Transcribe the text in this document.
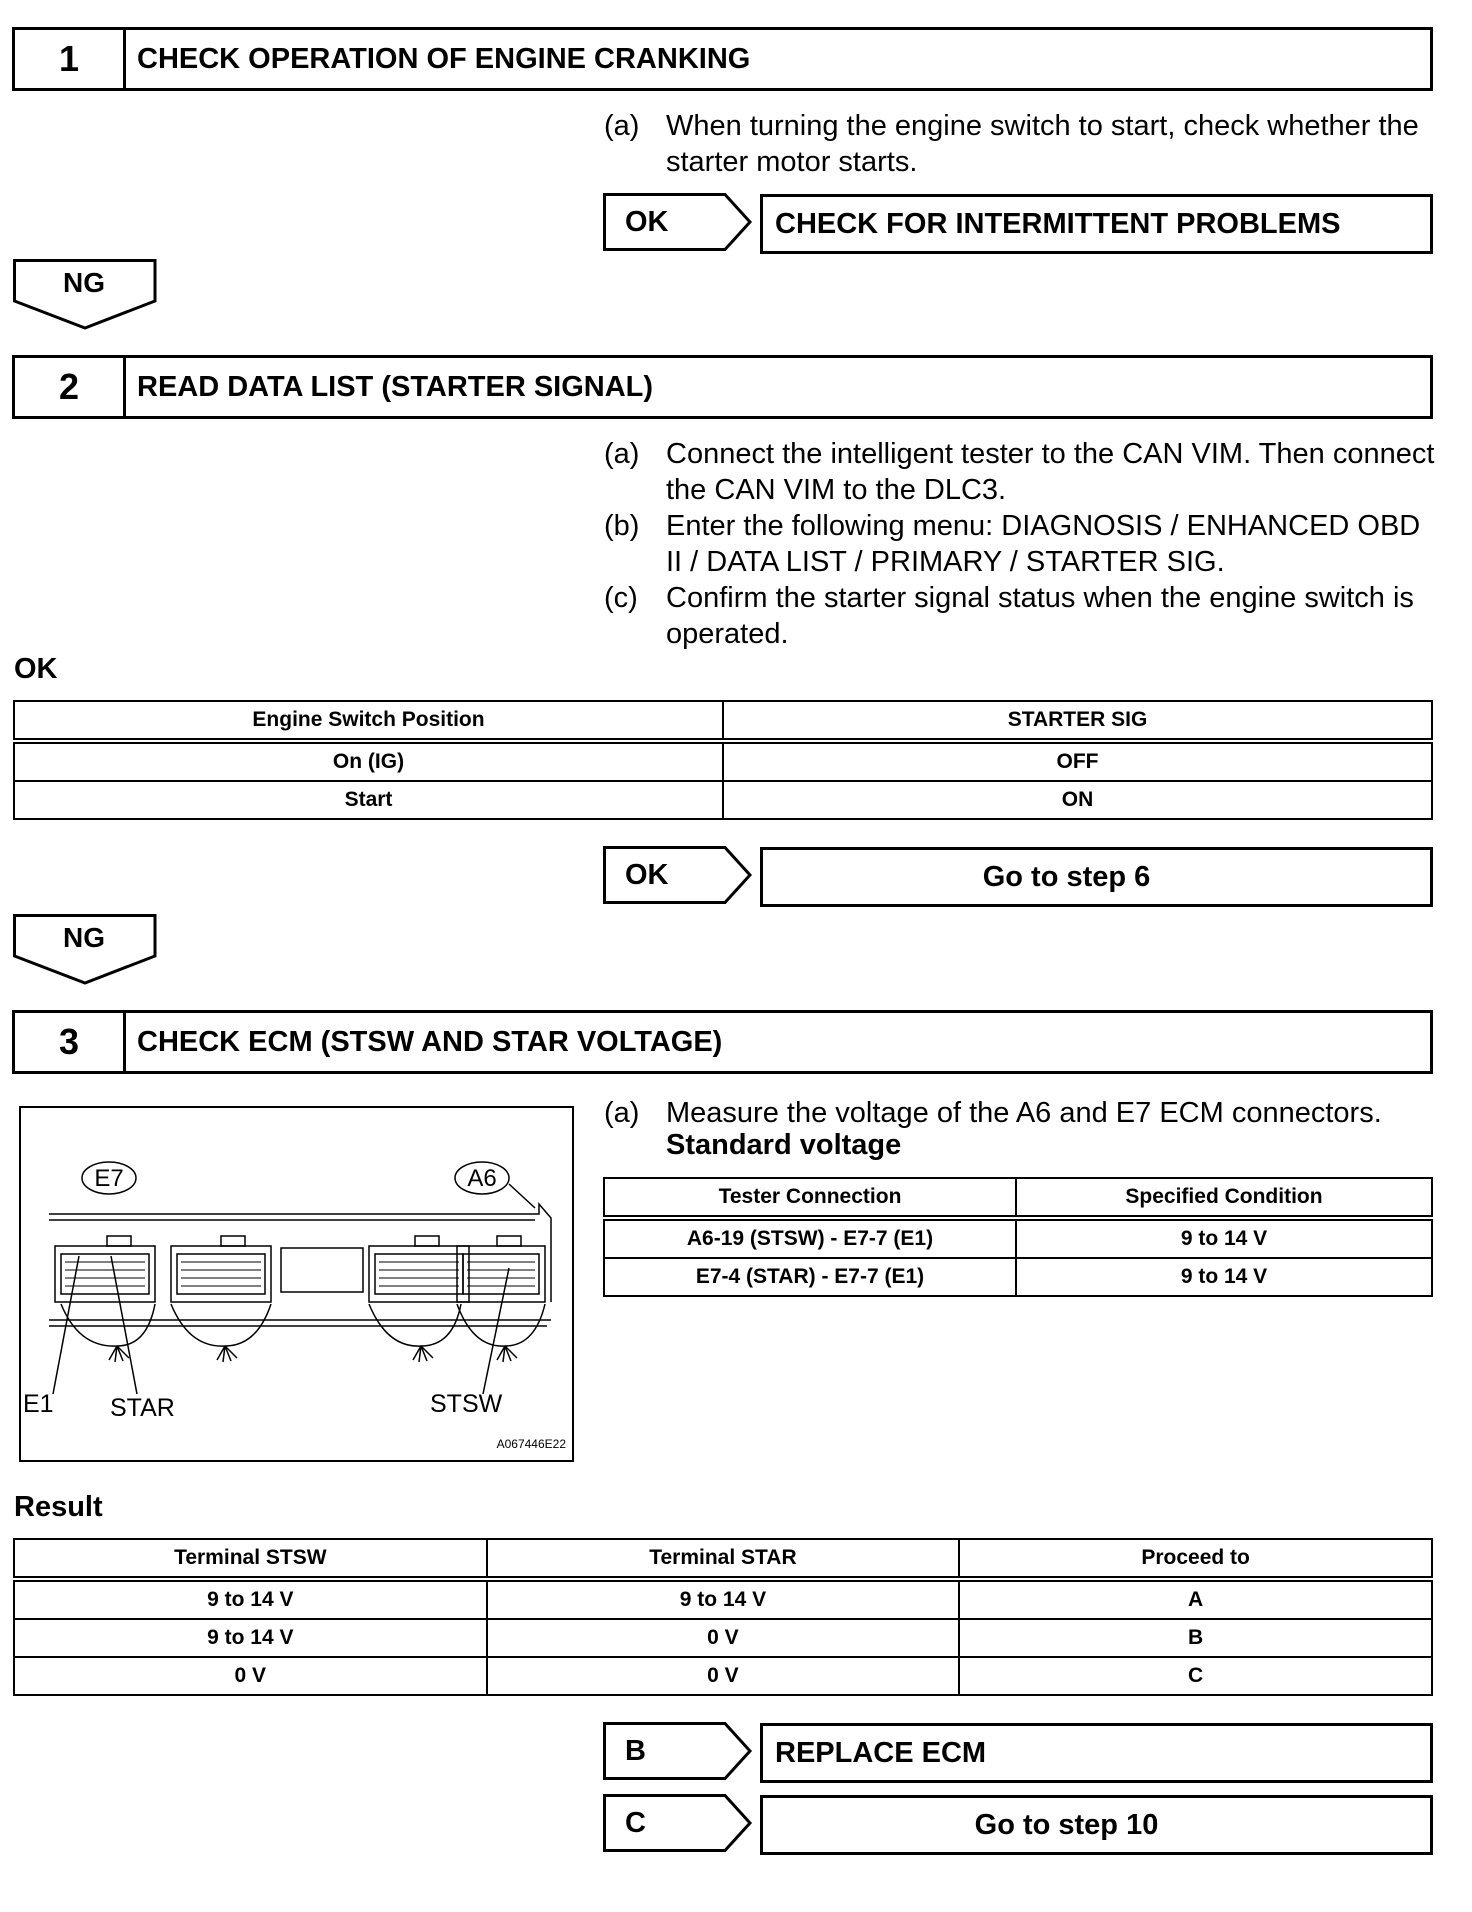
1	CHECK OPERATION OF ENGINE CRANKING
(a) When turning the engine switch to start, check whether the starter motor starts.
OK	CHECK FOR INTERMITTENT PROBLEMS
NG
2	READ DATA LIST (STARTER SIGNAL)
(a) Connect the intelligent tester to the CAN VIM. Then connect the CAN VIM to the DLC3.
(b) Enter the following menu: DIAGNOSIS / ENHANCED OBD II / DATA LIST / PRIMARY / STARTER SIG.
(c) Confirm the starter signal status when the engine switch is operated.
OK
Engine Switch Position	STARTER SIG
On (IG)	OFF
Start	ON
OK	Go to step 6
NG
3	CHECK ECM (STSW AND STAR VOLTAGE)
(a) Measure the voltage of the A6 and E7 ECM connectors.
Standard voltage
Tester Connection	Specified Condition
A6-19 (STSW) - E7-7 (E1)	9 to 14 V
E7-4 (STAR) - E7-7 (E1)	9 to 14 V
E7	A6
E1 STAR	STSW
A067446E22
Result
Terminal STSW	Terminal STAR	Proceed to
9 to 14 V	9 to 14 V	A
9 to 14 V	0 V	B
0 V	0 V	C
B	REPLACE ECM
C	Go to step 10
